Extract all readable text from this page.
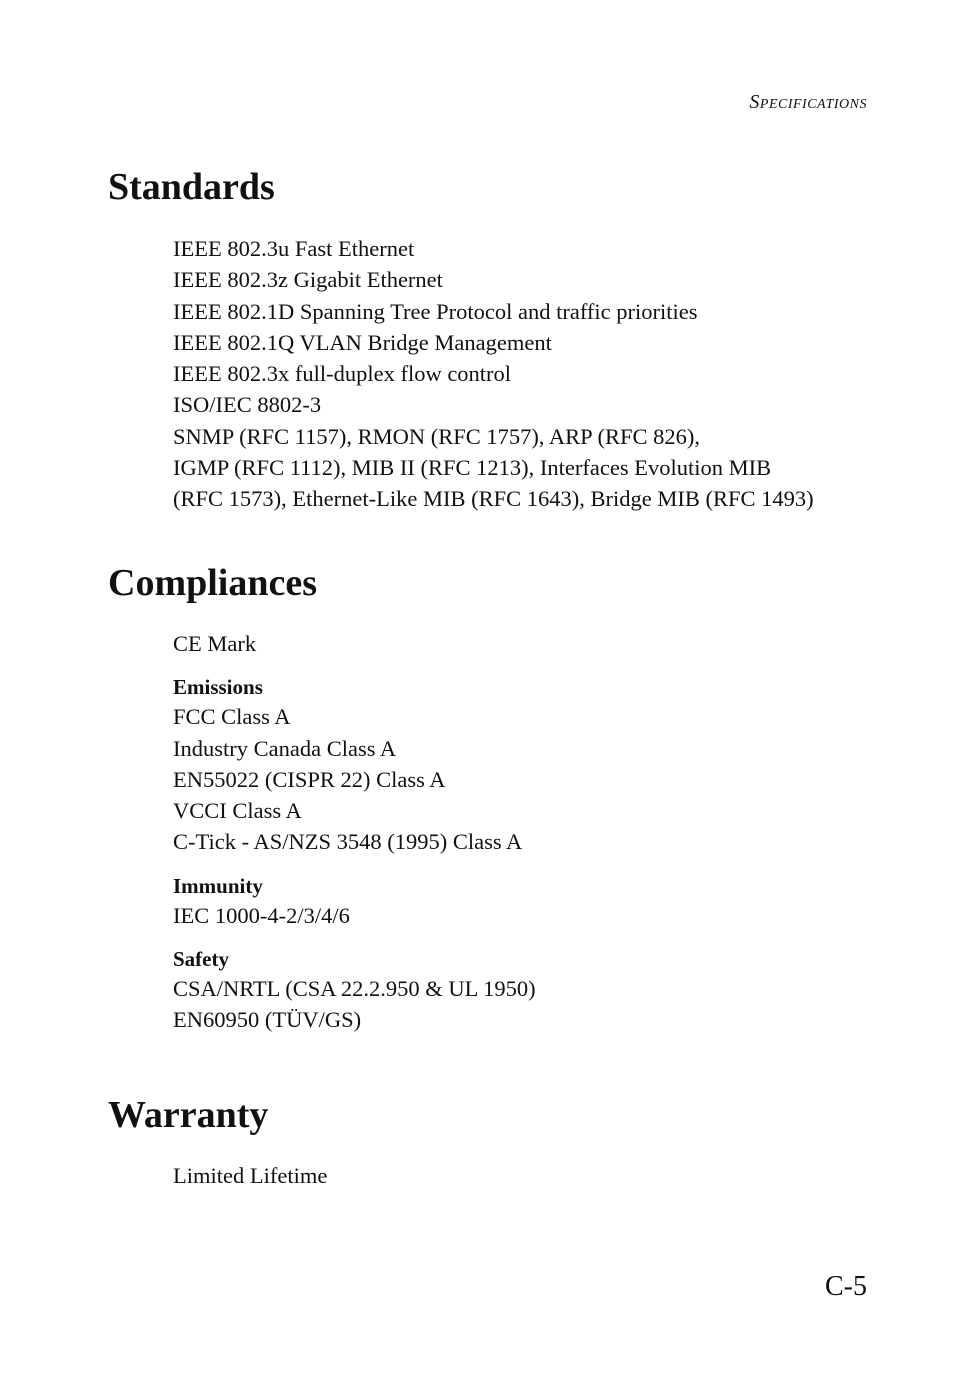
Specifications
Standards
IEEE 802.3u Fast Ethernet
IEEE 802.3z Gigabit Ethernet
IEEE 802.1D Spanning Tree Protocol and traffic priorities
IEEE 802.1Q VLAN Bridge Management
IEEE 802.3x full-duplex flow control
ISO/IEC 8802-3
SNMP (RFC 1157), RMON (RFC 1757), ARP (RFC 826),
IGMP (RFC 1112), MIB II (RFC 1213), Interfaces Evolution MIB
(RFC 1573), Ethernet-Like MIB (RFC 1643), Bridge MIB (RFC 1493)
Compliances
CE Mark
Emissions
FCC Class A
Industry Canada Class A
EN55022 (CISPR 22) Class A
VCCI Class A
C-Tick - AS/NZS 3548 (1995) Class A
Immunity
IEC 1000-4-2/3/4/6
Safety
CSA/NRTL (CSA 22.2.950 & UL 1950)
EN60950 (TÜV/GS)
Warranty
Limited Lifetime
C-5
